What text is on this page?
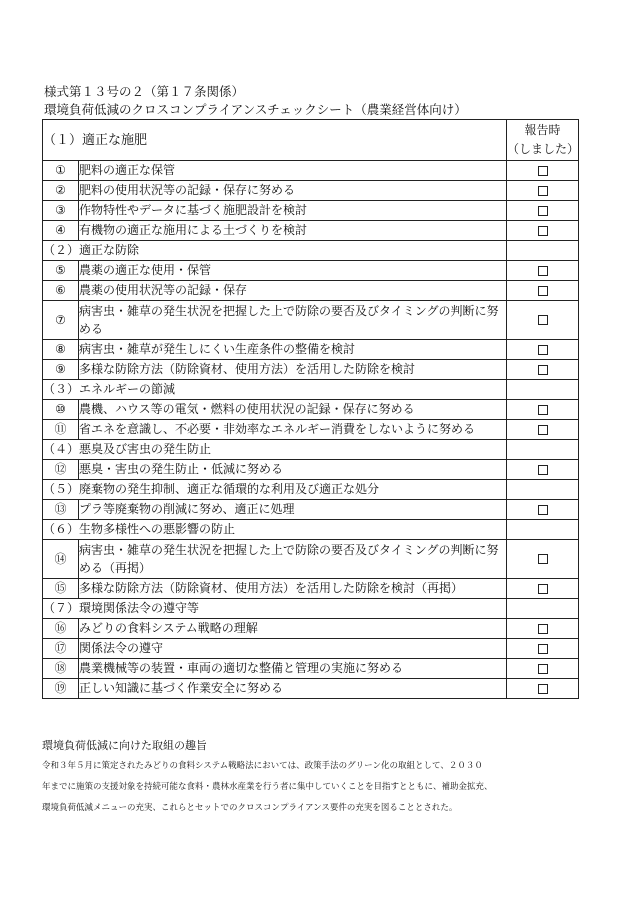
様式第１３号の２（第１７条関係）
環境負荷低減のクロスコンプライアンスチェックシート（農業経営体向け）
（１）適正な施肥		報告時
（しました）

①	肥料の適正な保管	
②	肥料の使用状況等の記録・保存に努める	
③	作物特性やデータに基づく施肥設計を検討	
④	有機物の適正な施用による土づくりを検討	
（２）適正な防除		
⑤	農薬の適正な使用・保管	
⑥	農薬の使用状況等の記録・保存	
⑦	病害虫・雑草の発生状況を把握した上で防除の要否及びタイミングの判断に努める	
⑧	病害虫・雑草が発生しにくい生産条件の整備を検討	
⑨	多様な防除方法（防除資材、使用方法）を活用した防除を検討	
（３）エネルギーの節減		
⑩	農機、ハウス等の電気・燃料の使用状況の記録・保存に努める	
⑪	省エネを意識し、不必要・非効率なエネルギー消費をしないように努める	
（４）悪臭及び害虫の発生防止		
⑫	悪臭・害虫の発生防止・低減に努める	
（５）廃棄物の発生抑制、適正な循環的な利用及び適正な処分		
⑬	プラ等廃棄物の削減に努め、適正に処理	
（６）生物多様性への悪影響の防止		
⑭	病害虫・雑草の発生状況を把握した上で防除の要否及びタイミングの判断に努める（再掲）	
⑮	多様な防除方法（防除資材、使用方法）を活用した防除を検討（再掲）	
（７）環境関係法令の遵守等		
⑯	みどりの食料システム戦略の理解	
⑰	関係法令の遵守	
⑱	農業機械等の装置・車両の適切な整備と管理の実施に努める	
⑲	正しい知識に基づく作業安全に努める	
環境負荷低減に向けた取組の趣旨
令和３年５月に策定されたみどりの食料システム戦略法においては、政策手法のグリーン化の取組として、２０３０
年までに施策の支援対象を持続可能な食料・農林水産業を行う者に集中していくことを目指すとともに、補助金拡充、
環境負荷低減メニューの充実、これらとセットでのクロスコンプライアンス要件の充実を図ることとされた。
